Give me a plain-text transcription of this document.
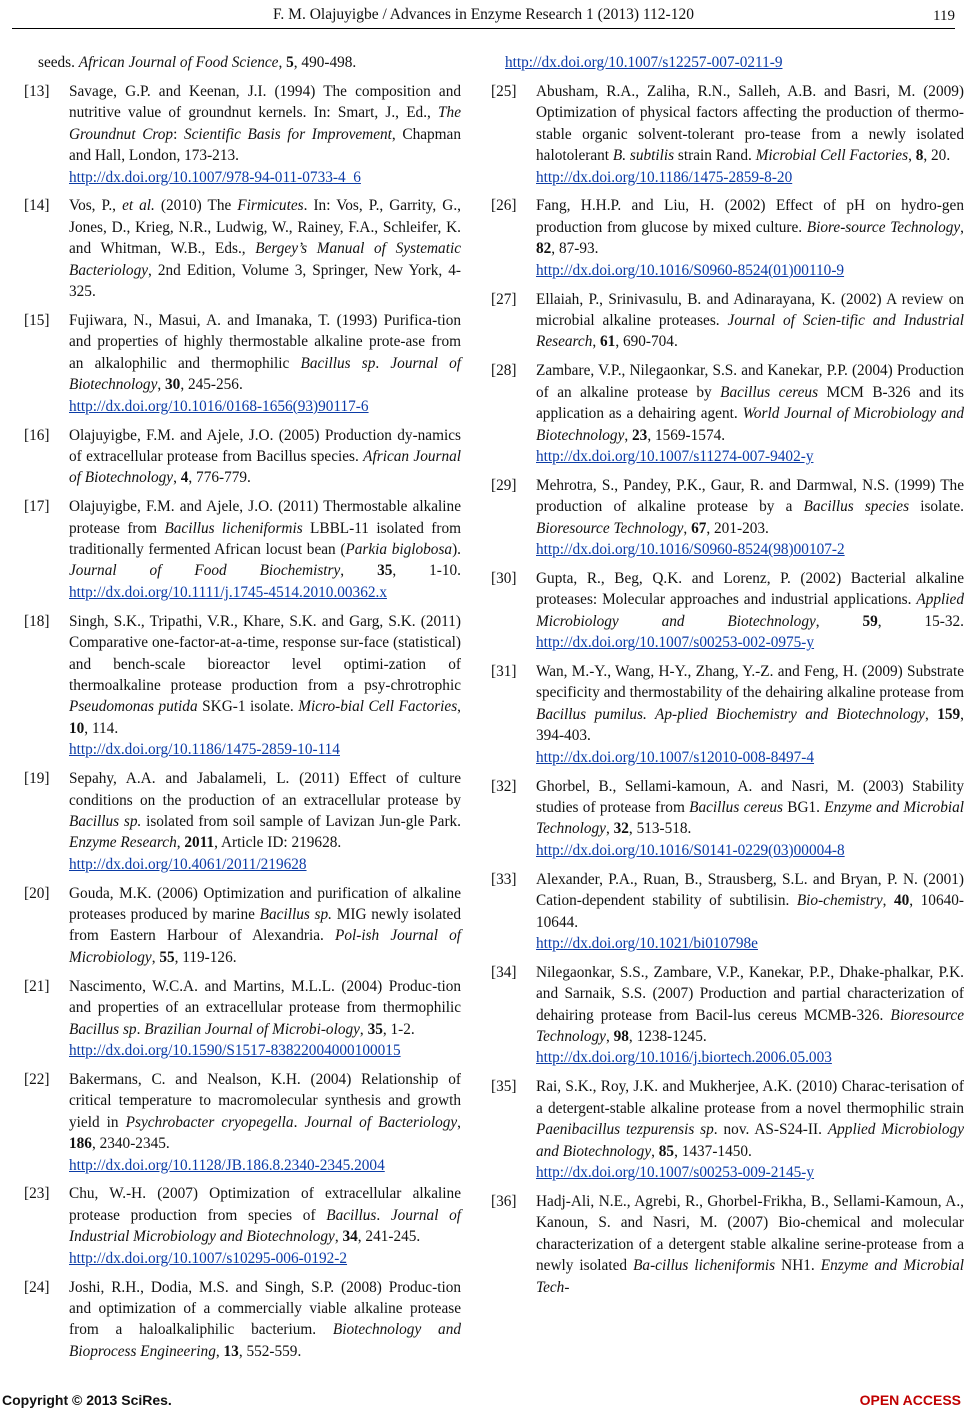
F. M. Olajuyigbe / Advances in Enzyme Research 1 (2013) 112-120	119
seeds. African Journal of Food Science, 5, 490-498.
[13] Savage, G.P. and Keenan, J.I. (1994) The composition and nutritive value of groundnut kernels. In: Smart, J., Ed., The Groundnut Crop: Scientific Basis for Improvement, Chapman and Hall, London, 173-213.
http://dx.doi.org/10.1007/978-94-011-0733-4_6
[14] Vos, P., et al. (2010) The Firmicutes. In: Vos, P., Garrity, G., Jones, D., Krieg, N.R., Ludwig, W., Rainey, F.A., Schleifer, K. and Whitman, W.B., Eds., Bergey’s Manual of Systematic Bacteriology, 2nd Edition, Volume 3, Springer, New York, 4-325.
[15] Fujiwara, N., Masui, A. and Imanaka, T. (1993) Purifica-tion and properties of highly thermostable alkaline prote-ase from an alkalophilic and thermophilic Bacillus sp. Journal of Biotechnology, 30, 245-256.
http://dx.doi.org/10.1016/0168-1656(93)90117-6
[16] Olajuyigbe, F.M. and Ajele, J.O. (2005) Production dy-namics of extracellular protease from Bacillus species. African Journal of Biotechnology, 4, 776-779.
[17] Olajuyigbe, F.M. and Ajele, J.O. (2011) Thermostable alkaline protease from Bacillus licheniformis LBBL-11 isolated from traditionally fermented African locust bean (Parkia biglobosa). Journal of Food Biochemistry, 35, 1-10. http://dx.doi.org/10.1111/j.1745-4514.2010.00362.x
[18] Singh, S.K., Tripathi, V.R., Khare, S.K. and Garg, S.K. (2011) Comparative one-factor-at-a-time, response sur-face (statistical) and bench-scale bioreactor level optimi-zation of thermoalkaline protease production from a psy-chrotrophic Pseudomonas putida SKG-1 isolate. Micro-bial Cell Factories, 10, 114.
http://dx.doi.org/10.1186/1475-2859-10-114
[19] Sepahy, A.A. and Jabalameli, L. (2011) Effect of culture conditions on the production of an extracellular protease by Bacillus sp. isolated from soil sample of Lavizan Jun-gle Park. Enzyme Research, 2011, Article ID: 219628.
http://dx.doi.org/10.4061/2011/219628
[20] Gouda, M.K. (2006) Optimization and purification of alkaline proteases produced by marine Bacillus sp. MIG newly isolated from Eastern Harbour of Alexandria. Pol-ish Journal of Microbiology, 55, 119-126.
[21] Nascimento, W.C.A. and Martins, M.L.L. (2004) Produc-tion and properties of an extracellular protease from thermophilic Bacillus sp. Brazilian Journal of Microbi-ology, 35, 1-2.
http://dx.doi.org/10.1590/S1517-83822004000100015
[22] Bakermans, C. and Nealson, K.H. (2004) Relationship of critical temperature to macromolecular synthesis and growth yield in Psychrobacter cryopegella. Journal of Bacteriology, 186, 2340-2345.
http://dx.doi.org/10.1128/JB.186.8.2340-2345.2004
[23] Chu, W.-H. (2007) Optimization of extracellular alkaline protease production from species of Bacillus. Journal of Industrial Microbiology and Biotechnology, 34, 241-245.
http://dx.doi.org/10.1007/s10295-006-0192-2
[24] Joshi, R.H., Dodia, M.S. and Singh, S.P. (2008) Produc-tion and optimization of a commercially viable alkaline protease from a haloalkaliphilic bacterium. Biotechnology and Bioprocess Engineering, 13, 552-559.
http://dx.doi.org/10.1007/s12257-007-0211-9
[25] Abusham, R.A., Zaliha, R.N., Salleh, A.B. and Basri, M. (2009) Optimization of physical factors affecting the production of thermo-stable organic solvent-tolerant pro-tease from a newly isolated halotolerant B. subtilis strain Rand. Microbial Cell Factories, 8, 20.
http://dx.doi.org/10.1186/1475-2859-8-20
[26] Fang, H.H.P. and Liu, H. (2002) Effect of pH on hydro-gen production from glucose by mixed culture. Biore-source Technology, 82, 87-93.
http://dx.doi.org/10.1016/S0960-8524(01)00110-9
[27] Ellaiah, P., Srinivasulu, B. and Adinarayana, K. (2002) A review on microbial alkaline proteases. Journal of Scien-tific and Industrial Research, 61, 690-704.
[28] Zambare, V.P., Nilegaonkar, S.S. and Kanekar, P.P. (2004) Production of an alkaline protease by Bacillus cereus MCM B-326 and its application as a dehairing agent. World Journal of Microbiology and Biotechnology, 23, 1569-1574.
http://dx.doi.org/10.1007/s11274-007-9402-y
[29] Mehrotra, S., Pandey, P.K., Gaur, R. and Darmwal, N.S. (1999) The production of alkaline protease by a Bacillus species isolate. Bioresource Technology, 67, 201-203.
http://dx.doi.org/10.1016/S0960-8524(98)00107-2
[30] Gupta, R., Beg, Q.K. and Lorenz, P. (2002) Bacterial alkaline proteases: Molecular approaches and industrial applications. Applied Microbiology and Biotechnology, 59, 15-32. http://dx.doi.org/10.1007/s00253-002-0975-y
[31] Wan, M.-Y., Wang, H-Y., Zhang, Y.-Z. and Feng, H. (2009) Substrate specificity and thermostability of the dehairing alkaline protease from Bacillus pumilus. Ap-plied Biochemistry and Biotechnology, 159, 394-403.
http://dx.doi.org/10.1007/s12010-008-8497-4
[32] Ghorbel, B., Sellami-kamoun, A. and Nasri, M. (2003) Stability studies of protease from Bacillus cereus BG1. Enzyme and Microbial Technology, 32, 513-518.
http://dx.doi.org/10.1016/S0141-0229(03)00004-8
[33] Alexander, P.A., Ruan, B., Strausberg, S.L. and Bryan, P. N. (2001) Cation-dependent stability of subtilisin. Bio-chemistry, 40, 10640-10644.
http://dx.doi.org/10.1021/bi010798e
[34] Nilegaonkar, S.S., Zambare, V.P., Kanekar, P.P., Dhake-phalkar, P.K. and Sarnaik, S.S. (2007) Production and partial characterization of dehairing protease from Bacil-lus cereus MCMB-326. Bioresource Technology, 98, 1238-1245.
http://dx.doi.org/10.1016/j.biortech.2006.05.003
[35] Rai, S.K., Roy, J.K. and Mukherjee, A.K. (2010) Charac-terisation of a detergent-stable alkaline protease from a novel thermophilic strain Paenibacillus tezpurensis sp. nov. AS-S24-II. Applied Microbiology and Biotechnology, 85, 1437-1450.
http://dx.doi.org/10.1007/s00253-009-2145-y
[36] Hadj-Ali, N.E., Agrebi, R., Ghorbel-Frikha, B., Sellami-Kamoun, A., Kanoun, S. and Nasri, M. (2007) Bio-chemical and molecular characterization of a detergent stable alkaline serine-protease from a newly isolated Ba-cillus licheniformis NH1. Enzyme and Microbial Tech-
Copyright © 2013 SciRes.	OPEN ACCESS
